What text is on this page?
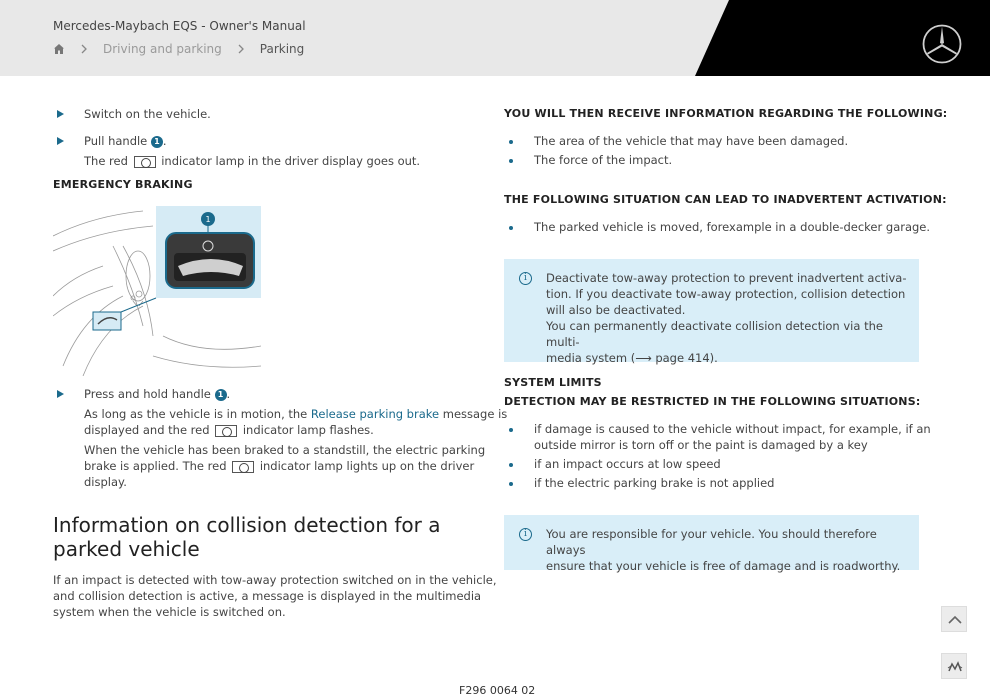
Mercedes-Maybach EQS - Owner's Manual
Driving and parking	Parking
Switch on the vehicle.
Pull handle 1 .
The red	indicator lamp in the driver display goes out.
EMERGENCY BRAKING
1
Press and hold handle 1 .
As long as the vehicle is in motion, the Release parking brake message is
displayed and the red	indicator lamp flashes.
When the vehicle has been braked to a standstill, the electric parking
brake is applied. The red	indicator lamp lights up on the driver
display.
Information on collision detection for a
parked vehicle
If an impact is detected with tow-away protection switched on in the vehicle,
and collision detection is active, a message is displayed in the multimedia
system when the vehicle is switched on.
YOU WILL THEN RECEIVE INFORMATION REGARDING THE FOLLOWING:
The area of the vehicle that may have been damaged.
The force of the impact.
THE FOLLOWING SITUATION CAN LEAD TO INADVERTENT ACTIVATION:
The parked vehicle is moved, forexample in a double-decker garage.
i	Deactivate tow-away protection to prevent inadvertent activa-
tion. If you deactivate tow-away protection, collision detection
will also be deactivated.
You can permanently deactivate collision detection via the multi-
media system (⟶ page 414).
SYSTEM LIMITS
DETECTION MAY BE RESTRICTED IN THE FOLLOWING SITUATIONS:
if damage is caused to the vehicle without impact, for example, if an
outside mirror is torn off or the paint is damaged by a key
if an impact occurs at low speed
if the electric parking brake is not applied
i	You are responsible for your vehicle. You should therefore always
ensure that your vehicle is free of damage and is roadworthy.
F296 0064 02
